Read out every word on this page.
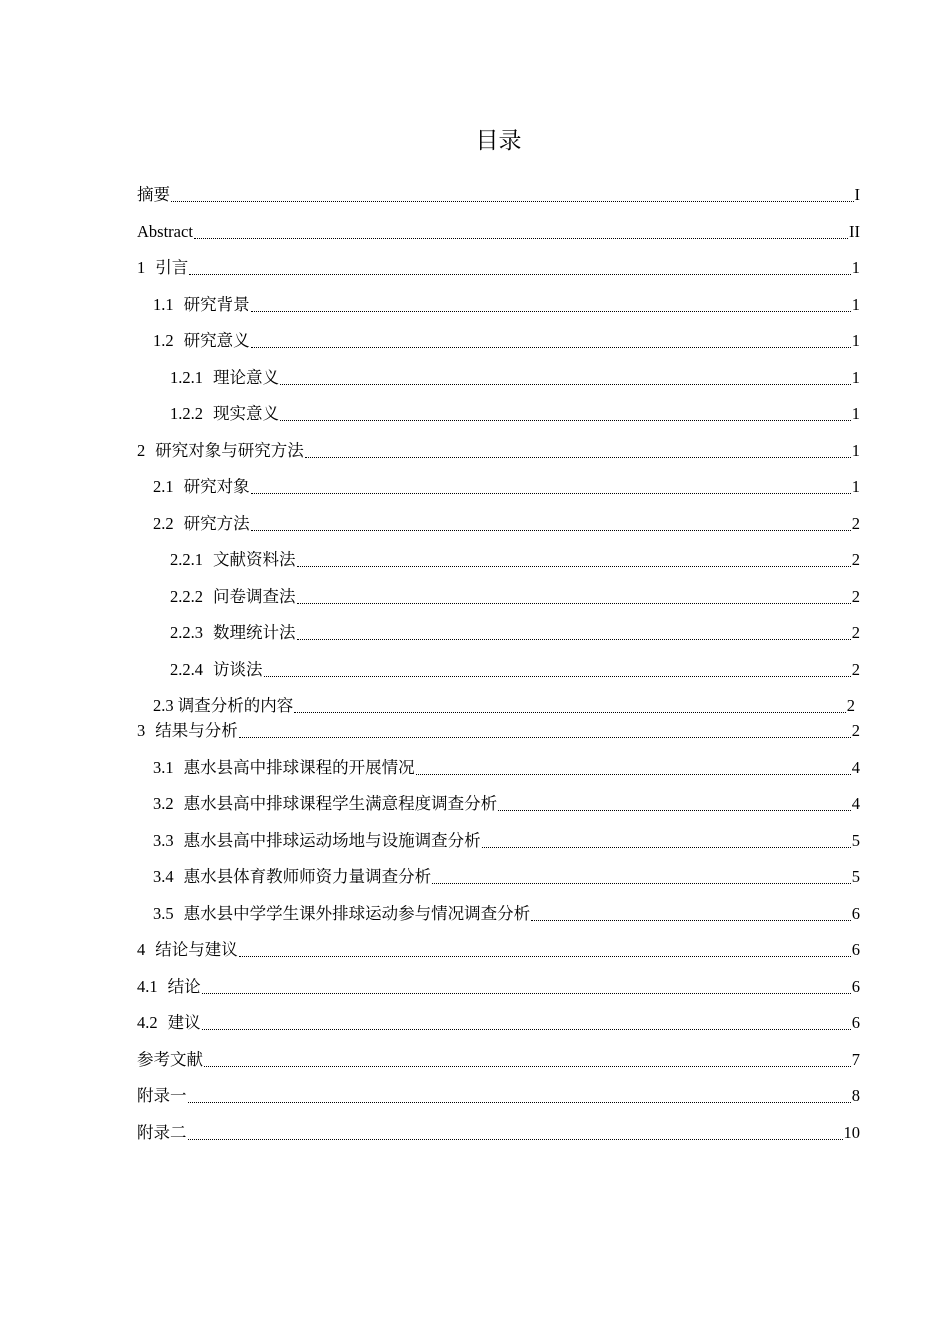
目录
摘要	I
Abstract	II
1 引言	1
1.1 研究背景	1
1.2 研究意义	1
1.2.1 理论意义	1
1.2.2 现实意义	1
2 研究对象与研究方法	1
2.1 研究对象	1
2.2 研究方法	2
2.2.1 文献资料法	2
2.2.2 问卷调查法	2
2.2.3 数理统计法	2
2.2.4 访谈法	2
2.3 调查分析的内容	2
3 结果与分析	2
3.1 惠水县高中排球课程的开展情况	4
3.2 惠水县高中排球课程学生满意程度调查分析	4
3.3 惠水县高中排球运动场地与设施调查分析	5
3.4 惠水县体育教师师资力量调查分析	5
3.5 惠水县中学学生课外排球运动参与情况调查分析	6
4 结论与建议	6
4.1 结论	6
4.2 建议	6
参考文献	7
附录一	8
附录二	10
